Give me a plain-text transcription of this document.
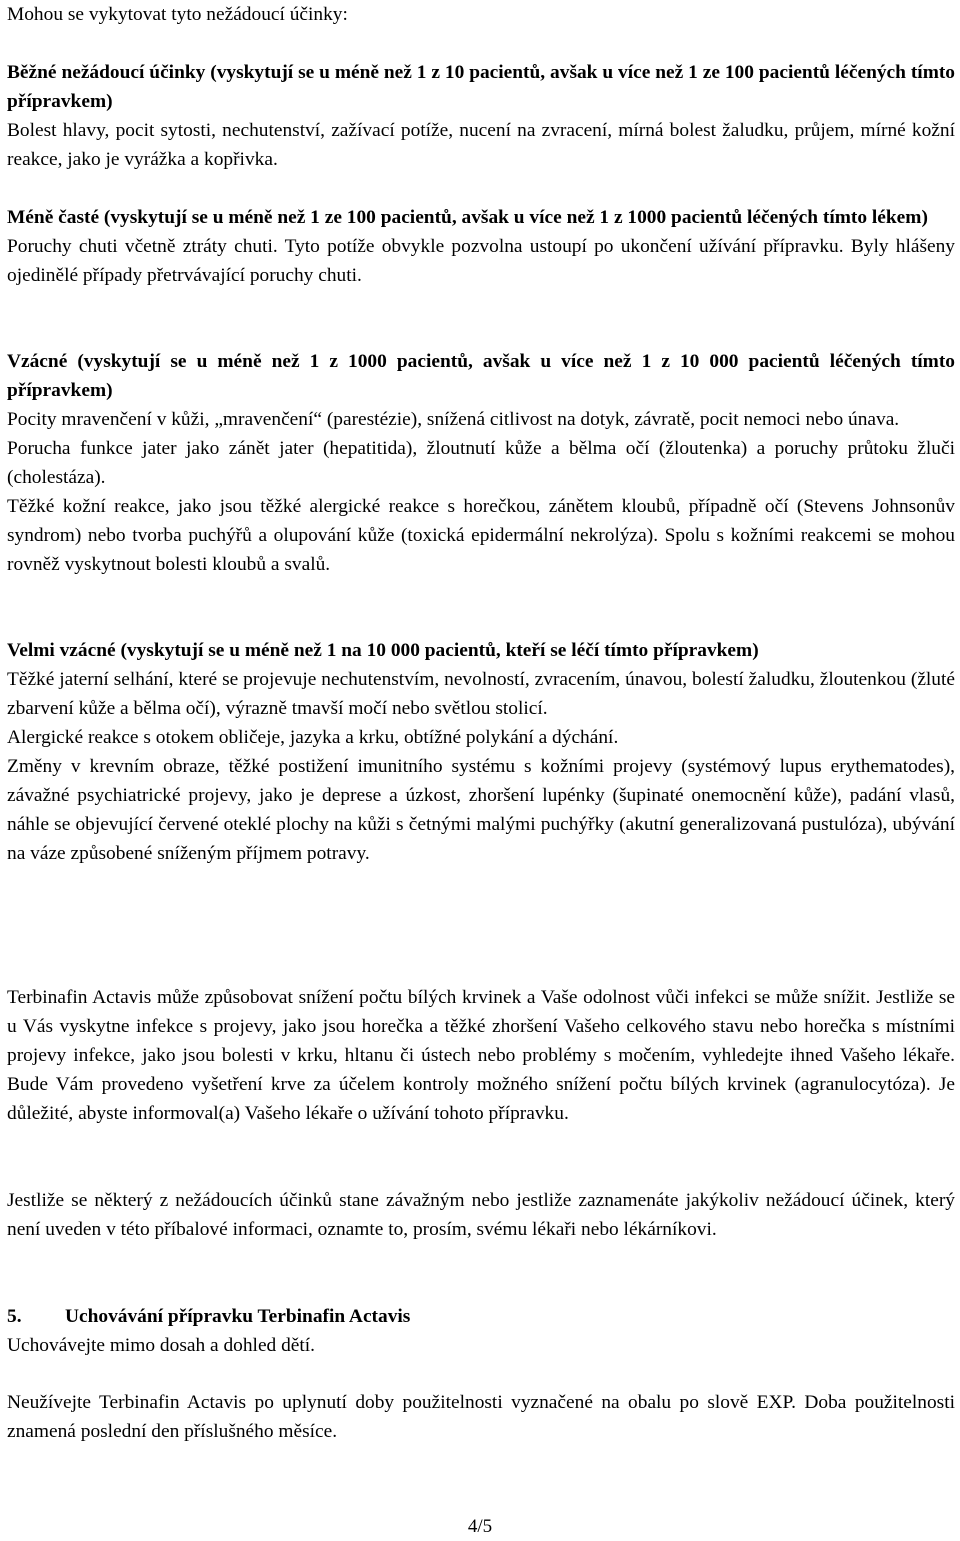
Mohou se vykytovat tyto nežádoucí účinky:

Běžné nežádoucí účinky (vyskytují se u méně než 1 z 10 pacientů, avšak u více než 1 ze 100 pacientů léčených tímto přípravkem)

Bolest hlavy, pocit sytosti, nechutenství, zažívací potíže, nucení na zvracení, mírná bolest žaludku, průjem, mírné kožní reakce, jako je vyrážka a kopřivka.

Méně časté (vyskytují se u méně než 1 ze 100 pacientů, avšak u více než 1 z 1000 pacientů léčených tímto lékem)

Poruchy chuti včetně ztráty chuti. Tyto potíže obvykle pozvolna ustoupí po ukončení užívání přípravku. Byly hlášeny ojedinělé případy přetrvávající poruchy chuti.

Vzácné (vyskytují se u méně než 1 z 1000 pacientů, avšak u více než 1 z 10 000 pacientů léčených tímto přípravkem)

Pocity mravenčení v kůži, „mravenčení“ (parestézie), snížená citlivost na dotyk, závratě, pocit nemoci nebo únava.

Porucha funkce jater jako zánět jater (hepatitida), žloutnutí kůže a bělma očí (žloutenka) a poruchy průtoku žluči (cholestáza).

Těžké kožní reakce, jako jsou těžké alergické reakce s horečkou, zánětem kloubů, případně očí (Stevens Johnsonův syndrom) nebo tvorba puchýřů a olupování kůže (toxická epidermální nekrolýza). Spolu s kožními reakcemi se mohou rovněž vyskytnout bolesti kloubů a svalů.

Velmi vzácné (vyskytují se u méně než 1 na 10 000 pacientů, kteří se léčí tímto přípravkem)

Těžké jaterní selhání, které se projevuje nechutenstvím, nevolností, zvracením, únavou, bolestí žaludku, žloutenkou (žluté zbarvení kůže a bělma očí), výrazně tmavší močí nebo světlou stolicí.

Alergické reakce s otokem obličeje, jazyka a krku, obtížné polykání a dýchání.

Změny v krevním obraze, těžké postižení imunitního systému s kožními projevy (systémový lupus erythematodes), závažné psychiatrické projevy, jako je deprese a úzkost, zhoršení lupénky (šupinaté onemocnění kůže), padání vlasů, náhle se objevující červené oteklé plochy na kůži s četnými malými puchýřky (akutní generalizovaná pustulóza), ubývání na váze způsobené sníženým příjmem potravy.

Terbinafin Actavis může způsobovat snížení počtu bílých krvinek a Vaše odolnost vůči infekci se může snížit. Jestliže se u Vás vyskytne infekce s projevy, jako jsou horečka a těžké zhoršení Vašeho celkového stavu nebo horečka s místními projevy infekce, jako jsou bolesti v krku, hltanu či ústech nebo problémy s močením, vyhledejte ihned Vašeho lékaře. Bude Vám provedeno vyšetření krve za účelem kontroly možného snížení počtu bílých krvinek (agranulocytóza). Je důležité, abyste informoval(a) Vašeho lékaře o užívání tohoto přípravku.

Jestliže se některý z nežádoucích účinků stane závažným nebo jestliže zaznamenáte jakýkoliv nežádoucí účinek, který není uveden v této příbalové informaci, oznamte to, prosím, svému lékaři nebo lékárníkovi.

5. Uchovávání přípravku Terbinafin Actavis

Uchovávejte mimo dosah a dohled dětí.

Neužívejte Terbinafin Actavis po uplynutí doby použitelnosti vyznačené na obalu po slově EXP. Doba použitelnosti znamená poslední den příslušného měsíce.

4/5
